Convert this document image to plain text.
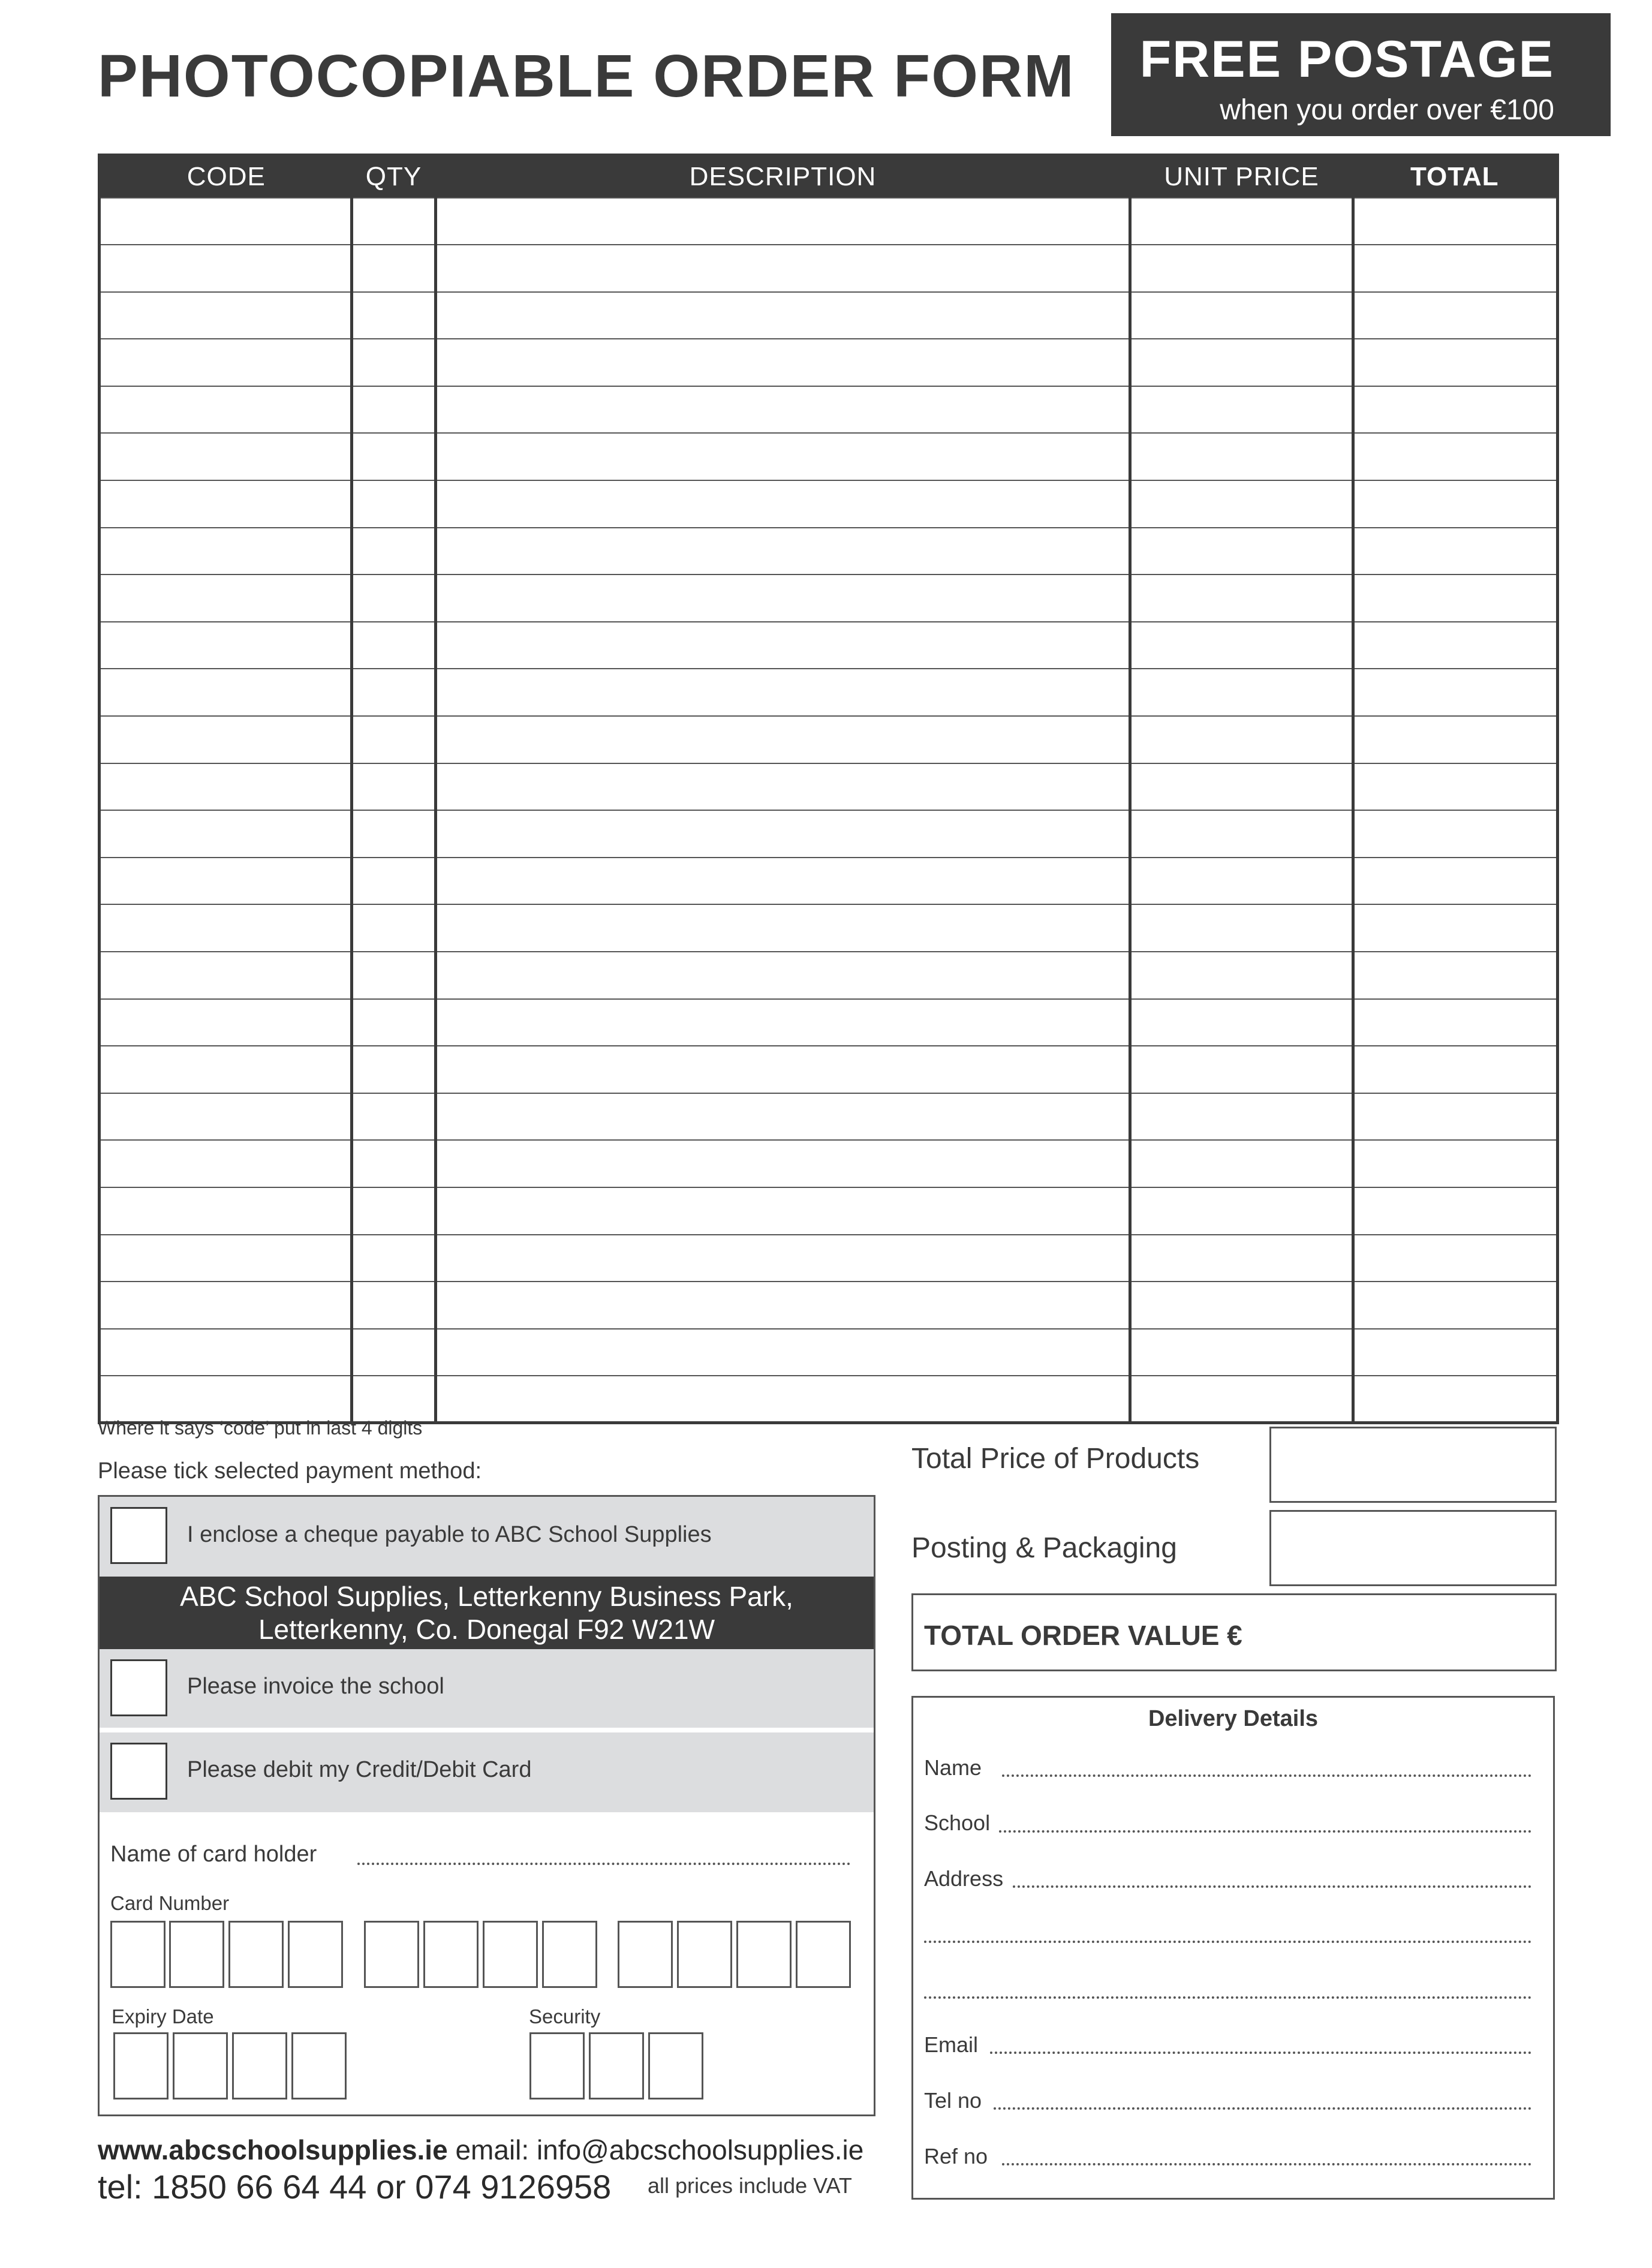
PHOTOCOPIABLE ORDER FORM FREE POSTAGE
when you order over €100
CODE	QTY	DESCRIPTION	UNIT PRICE	TOTAL

Where it says ‘code’ put in last 4 digits
Please tick selected payment method:
I enclose a cheque payable to ABC School Supplies
ABC School Supplies, Letterkenny Business Park,
Letterkenny, Co. Donegal F92 W21W
Please invoice the school
Please debit my Credit/Debit Card
Name of card holder
Card Number
Expiry Date	Security
Total Price of Products
Posting & Packaging
TOTAL ORDER VALUE €
Delivery Details
Name
School
Address
Email
Tel no
Ref no
www.abcschoolsupplies.ie email: info@abcschoolsupplies.ie
tel: 1850 66 64 44 or 074 9126958 all prices include VAT
